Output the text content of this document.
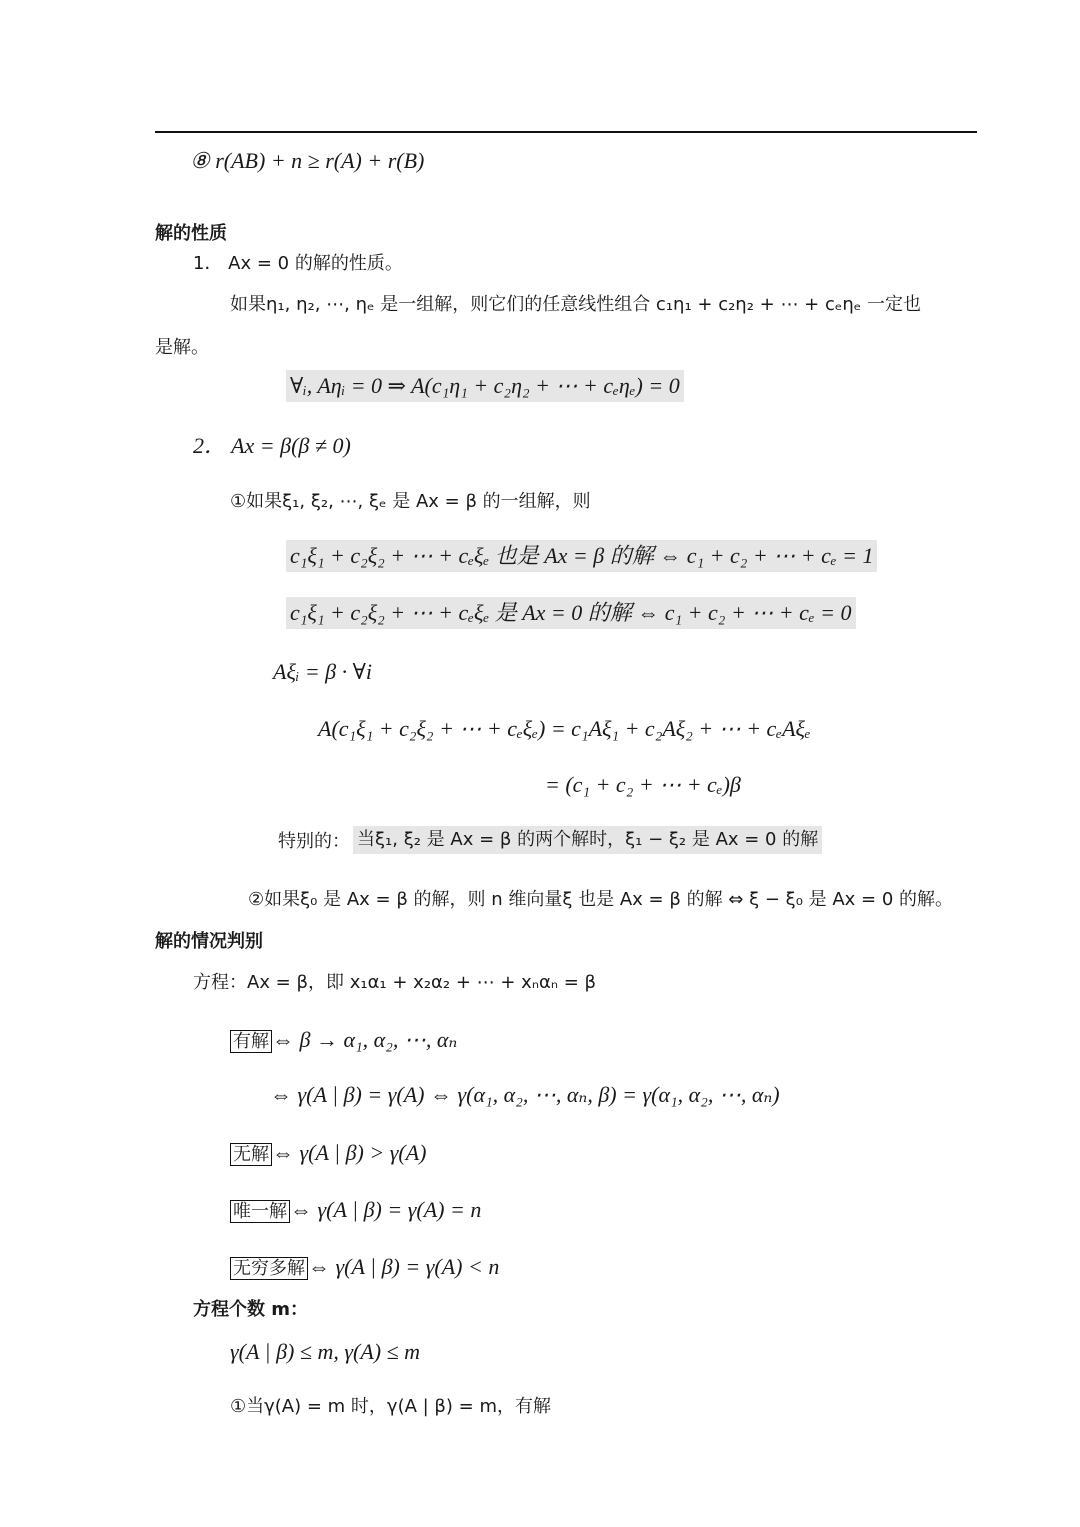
⑧ r(AB) + n ≥ r(A) + r(B)
解的性质
1． Ax = 0 的解的性质。
如果η₁, η₂, ⋯, ηₑ 是一组解，则它们的任意线性组合 c₁η₁ + c₂η₂ + ⋯ + cₑηₑ 一定也
是解。
∀ᵢ, Aηᵢ = 0 ⇒ A(c₁η₁ + c₂η₂ + ⋯ + cₑηₑ) = 0
2． Ax = β(β ≠ 0)
①如果ξ₁, ξ₂, ⋯, ξₑ 是 Ax = β 的一组解，则
c₁ξ₁ + c₂ξ₂ + ⋯ + cₑξₑ 也是 Ax = β 的解 ⇔ c₁ + c₂ + ⋯ + cₑ = 1
c₁ξ₁ + c₂ξ₂ + ⋯ + cₑξₑ 是 Ax = 0 的解 ⇔ c₁ + c₂ + ⋯ + cₑ = 0
Aξᵢ = β · ∀i
A(c₁ξ₁ + c₂ξ₂ + ⋯ + cₑξₑ) = c₁Aξ₁ + c₂Aξ₂ + ⋯ + cₑAξₑ
= (c₁ + c₂ + ⋯ + cₑ)β
特别的： 当ξ₁, ξ₂ 是 Ax = β 的两个解时，ξ₁ − ξ₂ 是 Ax = 0 的解
②如果ξ₀ 是 Ax = β 的解，则 n 维向量ξ 也是 Ax = β 的解 ⇔ ξ − ξ₀ 是 Ax = 0 的解。
解的情况判别
方程：Ax = β，即 x₁α₁ + x₂α₂ + ⋯ + xₙαₙ = β
有解 ⇔ β → α₁, α₂, ⋯, αₙ
⇔ γ(A | β) = γ(A) ⇔ γ(α₁, α₂, ⋯, αₙ, β) = γ(α₁, α₂, ⋯, αₙ)
无解 ⇔ γ(A | β) > γ(A)
唯一解 ⇔ γ(A | β) = γ(A) = n
无穷多解 ⇔ γ(A | β) = γ(A) < n
方程个数 m：
γ(A | β) ≤ m, γ(A) ≤ m
①当γ(A) = m 时，γ(A | β) = m，有解
